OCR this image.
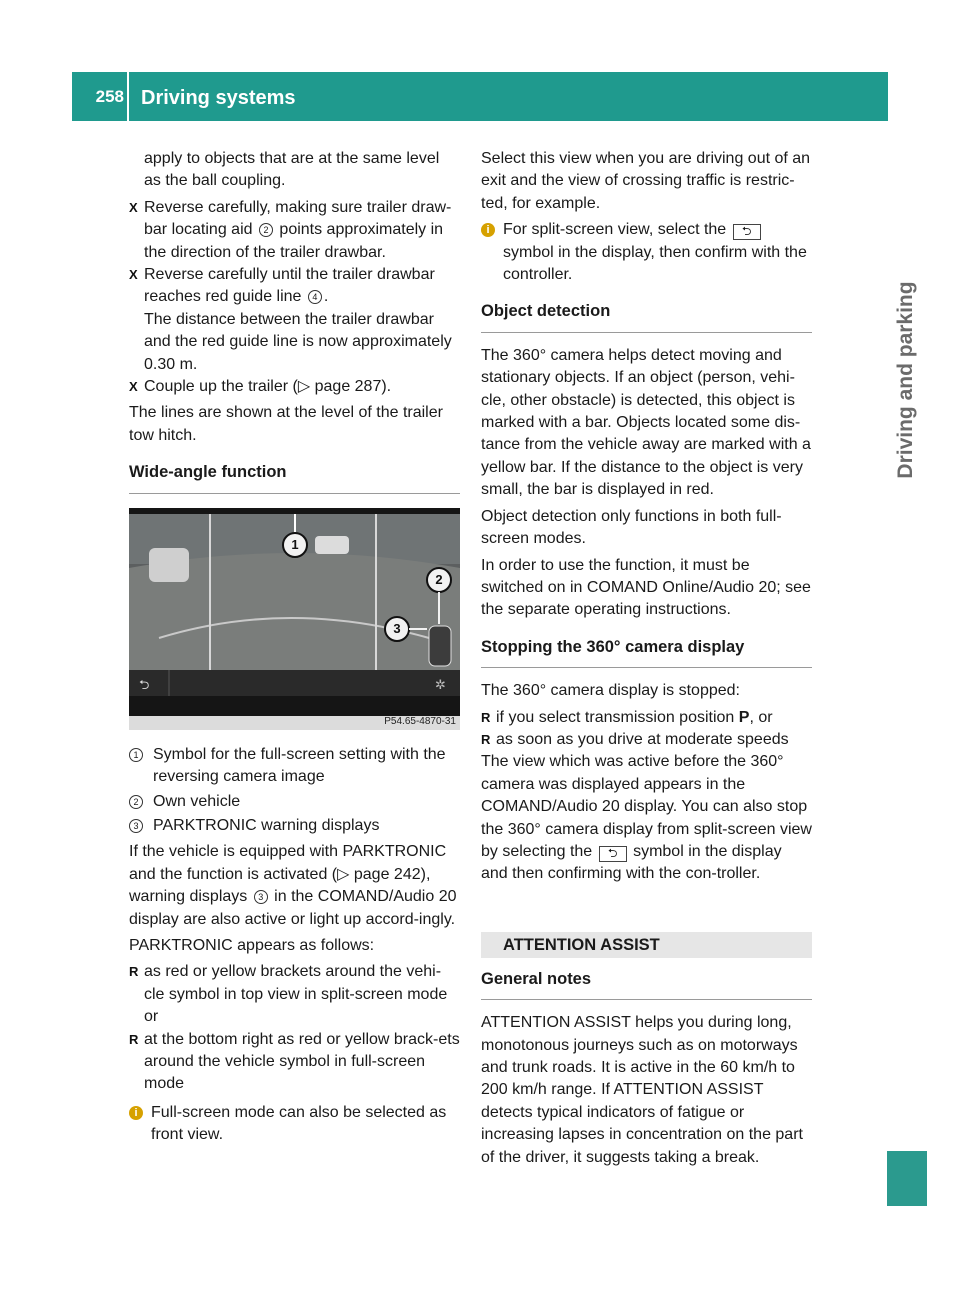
258 Driving systems
Driving and parking

apply to objects that are at the same level as the ball coupling.

X Reverse carefully, making sure trailer draw-bar locating aid 2 points approximately in the direction of the trailer drawbar.

X Reverse carefully until the trailer drawbar reaches red guide line 4 .
The distance between the trailer drawbar and the red guide line is now approximately 0.30 m.

X Couple up the trailer (▷ page 287).

The lines are shown at the level of the trailer tow hitch.

Wide-angle function
1
2
3
⮌	✲
P54.65-4870-31
1 Symbol for the full-screen setting with the reversing camera image
2 Own vehicle
3 PARKTRONIC warning displays

If the vehicle is equipped with PARKTRONIC and the function is activated (▷ page 242), warning displays 3 in the COMAND/Audio 20 display are also active or light up accord-ingly.

PARKTRONIC appears as follows:

R as red or yellow brackets around the vehi-cle symbol in top view in split-screen mode or

R at the bottom right as red or yellow brack-ets around the vehicle symbol in full-screen mode

i Full-screen mode can also be selected as front view.

Select this view when you are driving out of an exit and the view of crossing traffic is restric-ted, for example.

i For split-screen view, select the ⮌ symbol in the display, then confirm with the controller.

Object detection

The 360° camera helps detect moving and stationary objects. If an object (person, vehi-cle, other obstacle) is detected, this object is marked with a bar. Objects located some dis-tance from the vehicle away are marked with a yellow bar. If the distance to the object is very small, the bar is displayed in red.

Object detection only functions in both full-screen modes.

In order to use the function, it must be switched on in COMAND Online/Audio 20; see the separate operating instructions.

Stopping the 360° camera display

The 360° camera display is stopped:

R if you select transmission position P, or

R as soon as you drive at moderate speeds

The view which was active before the 360° camera was displayed appears in the COMAND/Audio 20 display. You can also stop the 360° camera display from split-screen view by selecting the ⮌ symbol in the display and then confirming with the con-troller.

ATTENTION ASSIST
General notes

ATTENTION ASSIST helps you during long, monotonous journeys such as on motorways and trunk roads. It is active in the 60 km/h to 200 km/h range. If ATTENTION ASSIST detects typical indicators of fatigue or increasing lapses in concentration on the part of the driver, it suggests taking a break.
